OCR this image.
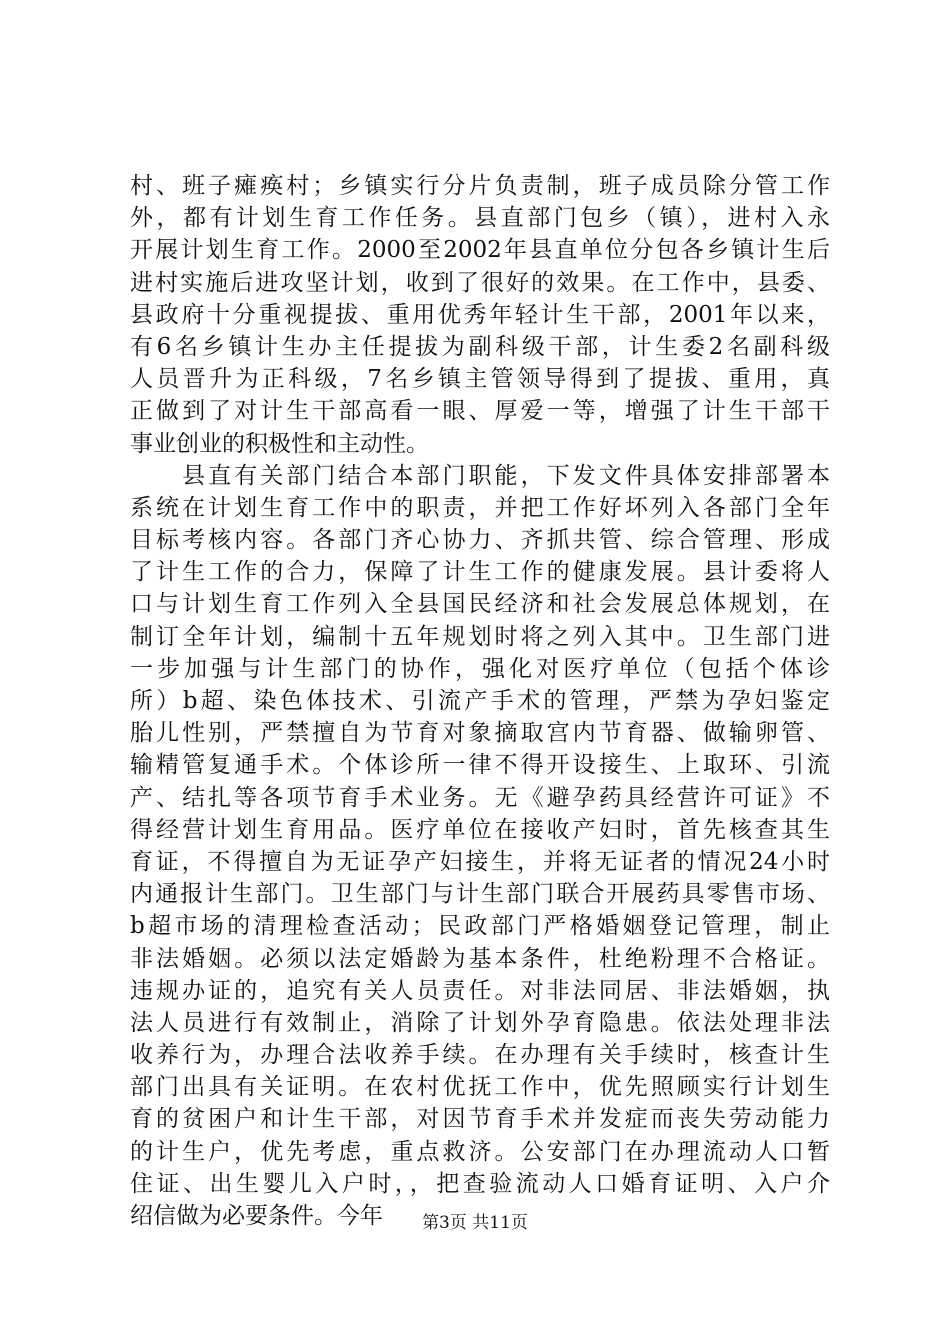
村、班子瘫痪村；乡镇实行分片负责制，班子成员除分管工作
外，都有计划生育工作任务。县直部门包乡（镇），进村入永
开展计划生育工作。2000至2002年县直单位分包各乡镇计生后
进村实施后进攻坚计划，收到了很好的效果。在工作中，县委、
县政府十分重视提拔、重用优秀年轻计生干部，2001年以来，
有6名乡镇计生办主任提拔为副科级干部，计生委2名副科级
人员晋升为正科级，7名乡镇主管领导得到了提拔、重用，真
正做到了对计生干部高看一眼、厚爱一等，增强了计生干部干
事业创业的积极性和主动性。
　　县直有关部门结合本部门职能，下发文件具体安排部署本
系统在计划生育工作中的职责，并把工作好坏列入各部门全年
目标考核内容。各部门齐心协力、齐抓共管、综合管理、形成
了计生工作的合力，保障了计生工作的健康发展。县计委将人
口与计划生育工作列入全县国民经济和社会发展总体规划，在
制订全年计划，编制十五年规划时将之列入其中。卫生部门进
一步加强与计生部门的协作，强化对医疗单位（包括个体诊
所）b超、染色体技术、引流产手术的管理，严禁为孕妇鉴定
胎儿性别，严禁擅自为节育对象摘取宫内节育器、做输卵管、
输精管复通手术。个体诊所一律不得开设接生、上取环、引流
产、结扎等各项节育手术业务。无《避孕药具经营许可证》不
得经营计划生育用品。医疗单位在接收产妇时，首先核查其生
育证，不得擅自为无证孕产妇接生，并将无证者的情况24小时
内通报计生部门。卫生部门与计生部门联合开展药具零售市场、
b超市场的清理检查活动；民政部门严格婚姻登记管理，制止
非法婚姻。必须以法定婚龄为基本条件，杜绝粉理不合格证。
违规办证的，追究有关人员责任。对非法同居、非法婚姻，执
法人员进行有效制止，消除了计划外孕育隐患。依法处理非法
收养行为，办理合法收养手续。在办理有关手续时，核查计生
部门出具有关证明。在农村优抚工作中，优先照顾实行计划生
育的贫困户和计生干部，对因节育手术并发症而丧失劳动能力
的计生户，优先考虑，重点救济。公安部门在办理流动人口暂
住证、出生婴儿入户时，，把查验流动人口婚育证明、入户介
绍信做为必要条件。今年	第3页 共11页
